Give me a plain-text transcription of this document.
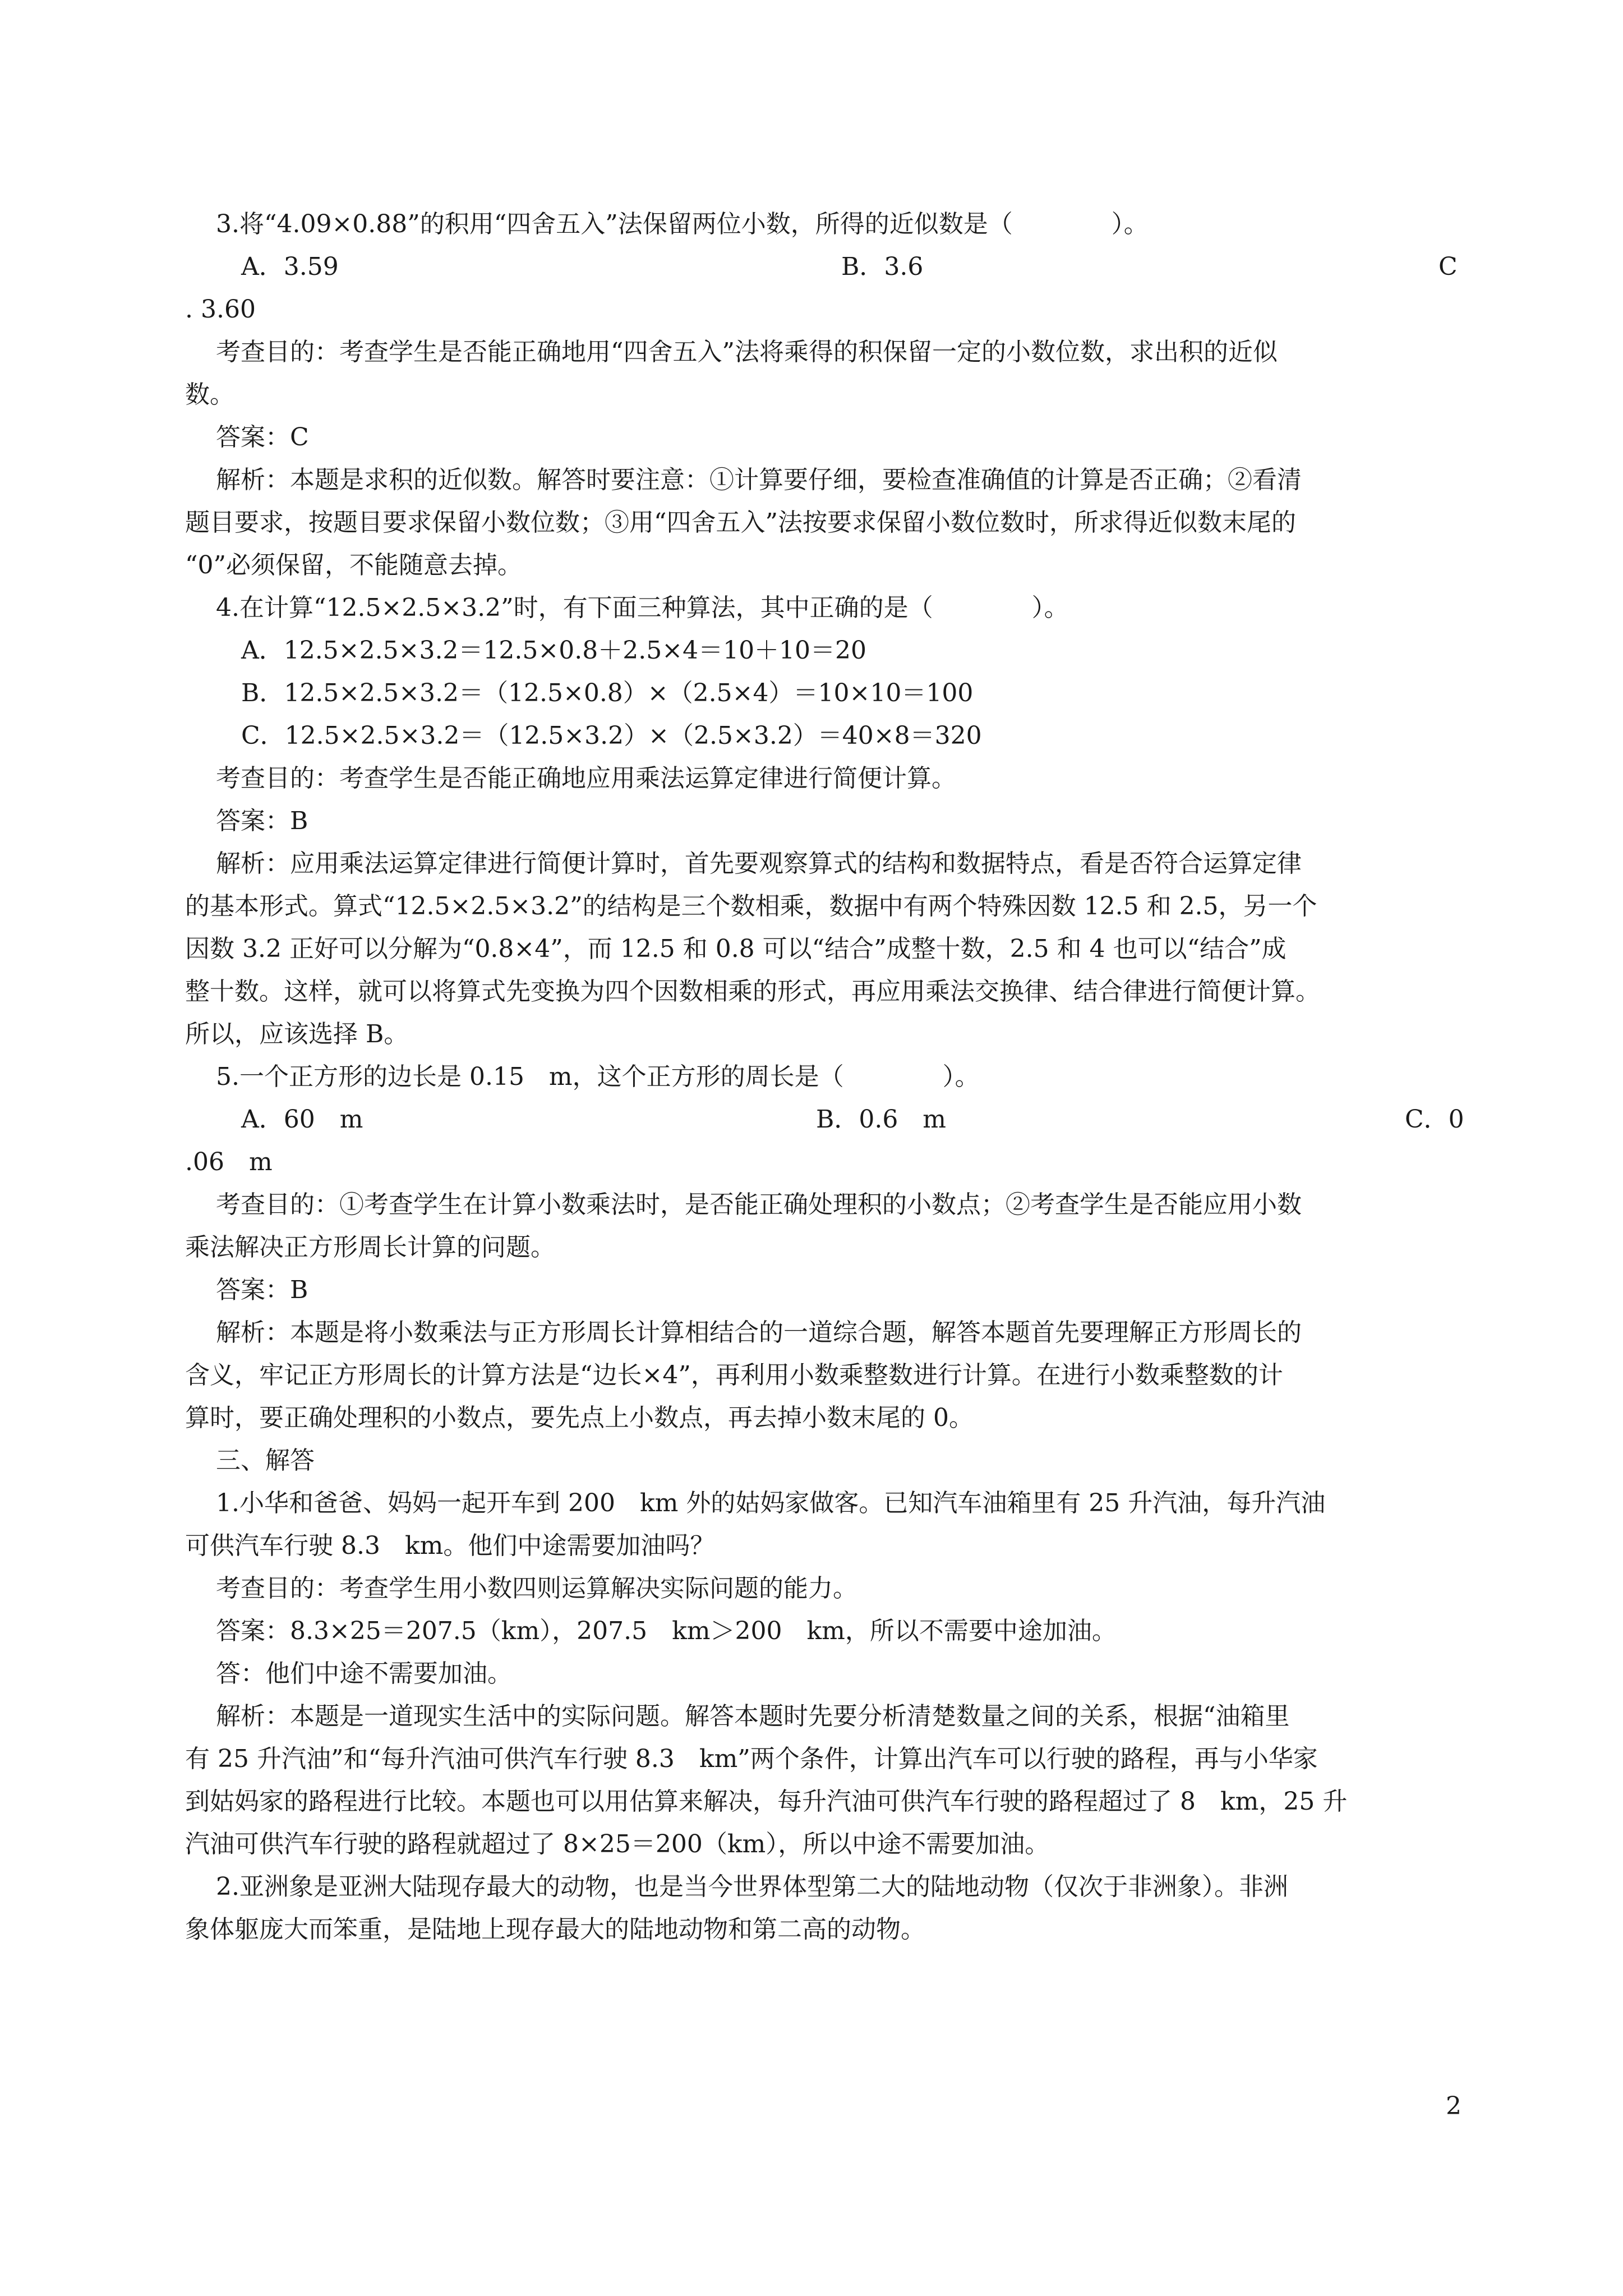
3.将“4.09×0.88”的积用“四舍五入”法保留两位小数，所得的近似数是（　　　　）。
A．3.59	B．3.6	C
. 3.60
考查目的：考查学生是否能正确地用“四舍五入”法将乘得的积保留一定的小数位数，求出积的近似
数。
答案：C
解析：本题是求积的近似数。解答时要注意：①计算要仔细，要检查准确值的计算是否正确；②看清
题目要求，按题目要求保留小数位数；③用“四舍五入”法按要求保留小数位数时，所求得近似数末尾的
“0”必须保留，不能随意去掉。
4.在计算“12.5×2.5×3.2”时，有下面三种算法，其中正确的是（　　　　）。
A．12.5×2.5×3.2＝12.5×0.8＋2.5×4＝10＋10＝20
B．12.5×2.5×3.2＝（12.5×0.8）×（2.5×4）＝10×10＝100
C．12.5×2.5×3.2＝（12.5×3.2）×（2.5×3.2）＝40×8＝320
考查目的：考查学生是否能正确地应用乘法运算定律进行简便计算。
答案：B
解析：应用乘法运算定律进行简便计算时，首先要观察算式的结构和数据特点，看是否符合运算定律
的基本形式。算式“12.5×2.5×3.2”的结构是三个数相乘，数据中有两个特殊因数 12.5 和 2.5，另一个
因数 3.2 正好可以分解为“0.8×4”，而 12.5 和 0.8 可以“结合”成整十数，2.5 和 4 也可以“结合”成
整十数。这样，就可以将算式先变换为四个因数相乘的形式，再应用乘法交换律、结合律进行简便计算。
所以，应该选择 B。
5.一个正方形的边长是 0.15　m，这个正方形的周长是（　　　　）。
A．60　m	B．0.6　m	C．0
.06　m
考查目的：①考查学生在计算小数乘法时，是否能正确处理积的小数点；②考查学生是否能应用小数
乘法解决正方形周长计算的问题。
答案：B
解析：本题是将小数乘法与正方形周长计算相结合的一道综合题，解答本题首先要理解正方形周长的
含义，牢记正方形周长的计算方法是“边长×4”，再利用小数乘整数进行计算。在进行小数乘整数的计
算时，要正确处理积的小数点，要先点上小数点，再去掉小数末尾的 0。
三、解答
1.小华和爸爸、妈妈一起开车到 200　km 外的姑妈家做客。已知汽车油箱里有 25 升汽油，每升汽油
可供汽车行驶 8.3　km。他们中途需要加油吗？
考查目的：考查学生用小数四则运算解决实际问题的能力。
答案：8.3×25＝207.5（km），207.5　km＞200　km，所以不需要中途加油。
答：他们中途不需要加油。
解析：本题是一道现实生活中的实际问题。解答本题时先要分析清楚数量之间的关系，根据“油箱里
有 25 升汽油”和“每升汽油可供汽车行驶 8.3　km”两个条件，计算出汽车可以行驶的路程，再与小华家
到姑妈家的路程进行比较。本题也可以用估算来解决，每升汽油可供汽车行驶的路程超过了 8　km，25 升
汽油可供汽车行驶的路程就超过了 8×25＝200（km），所以中途不需要加油。
2.亚洲象是亚洲大陆现存最大的动物，也是当今世界体型第二大的陆地动物（仅次于非洲象）。非洲
象体躯庞大而笨重，是陆地上现存最大的陆地动物和第二高的动物。
2
